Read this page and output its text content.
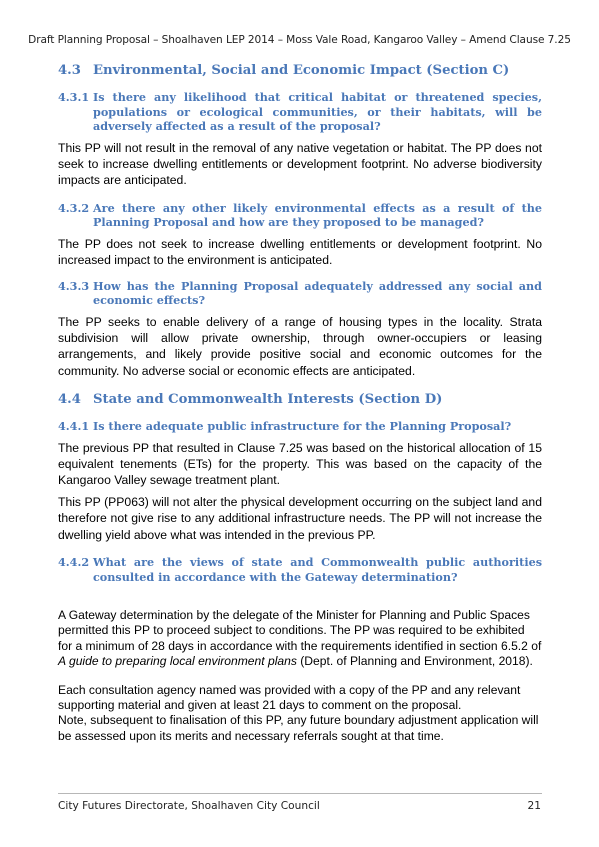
Draft Planning Proposal – Shoalhaven LEP 2014 – Moss Vale Road, Kangaroo Valley – Amend Clause 7.25
4.3 Environmental, Social and Economic Impact (Section C)
4.3.1 Is there any likelihood that critical habitat or threatened species, populations or ecological communities, or their habitats, will be adversely affected as a result of the proposal?

This PP will not result in the removal of any native vegetation or habitat. The PP does not seek to increase dwelling entitlements or development footprint. No adverse biodiversity impacts are anticipated.

4.3.2 Are there any other likely environmental effects as a result of the Planning Proposal and how are they proposed to be managed?

The PP does not seek to increase dwelling entitlements or development footprint. No increased impact to the environment is anticipated.

4.3.3 How has the Planning Proposal adequately addressed any social and economic effects?

The PP seeks to enable delivery of a range of housing types in the locality. Strata subdivision will allow private ownership, through owner-occupiers or leasing arrangements, and likely provide positive social and economic outcomes for the community. No adverse social or economic effects are anticipated.

4.4 State and Commonwealth Interests (Section D)
4.4.1 Is there adequate public infrastructure for the Planning Proposal?

The previous PP that resulted in Clause 7.25 was based on the historical allocation of 15 equivalent tenements (ETs) for the property. This was based on the capacity of the Kangaroo Valley sewage treatment plant.

This PP (PP063) will not alter the physical development occurring on the subject land and therefore not give rise to any additional infrastructure needs. The PP will not increase the dwelling yield above what was intended in the previous PP.

4.4.2 What are the views of state and Commonwealth public authorities consulted in accordance with the Gateway determination?

A Gateway determination by the delegate of the Minister for Planning and Public Spaces permitted this PP to proceed subject to conditions. The PP was required to be exhibited for a minimum of 28 days in accordance with the requirements identified in section 6.5.2 of A guide to preparing local environment plans (Dept. of Planning and Environment, 2018).

Each consultation agency named was provided with a copy of the PP and any relevant supporting material and given at least 21 days to comment on the proposal.

Note, subsequent to finalisation of this PP, any future boundary adjustment application will be assessed upon its merits and necessary referrals sought at that time.

City Futures Directorate, Shoalhaven City Council	21
